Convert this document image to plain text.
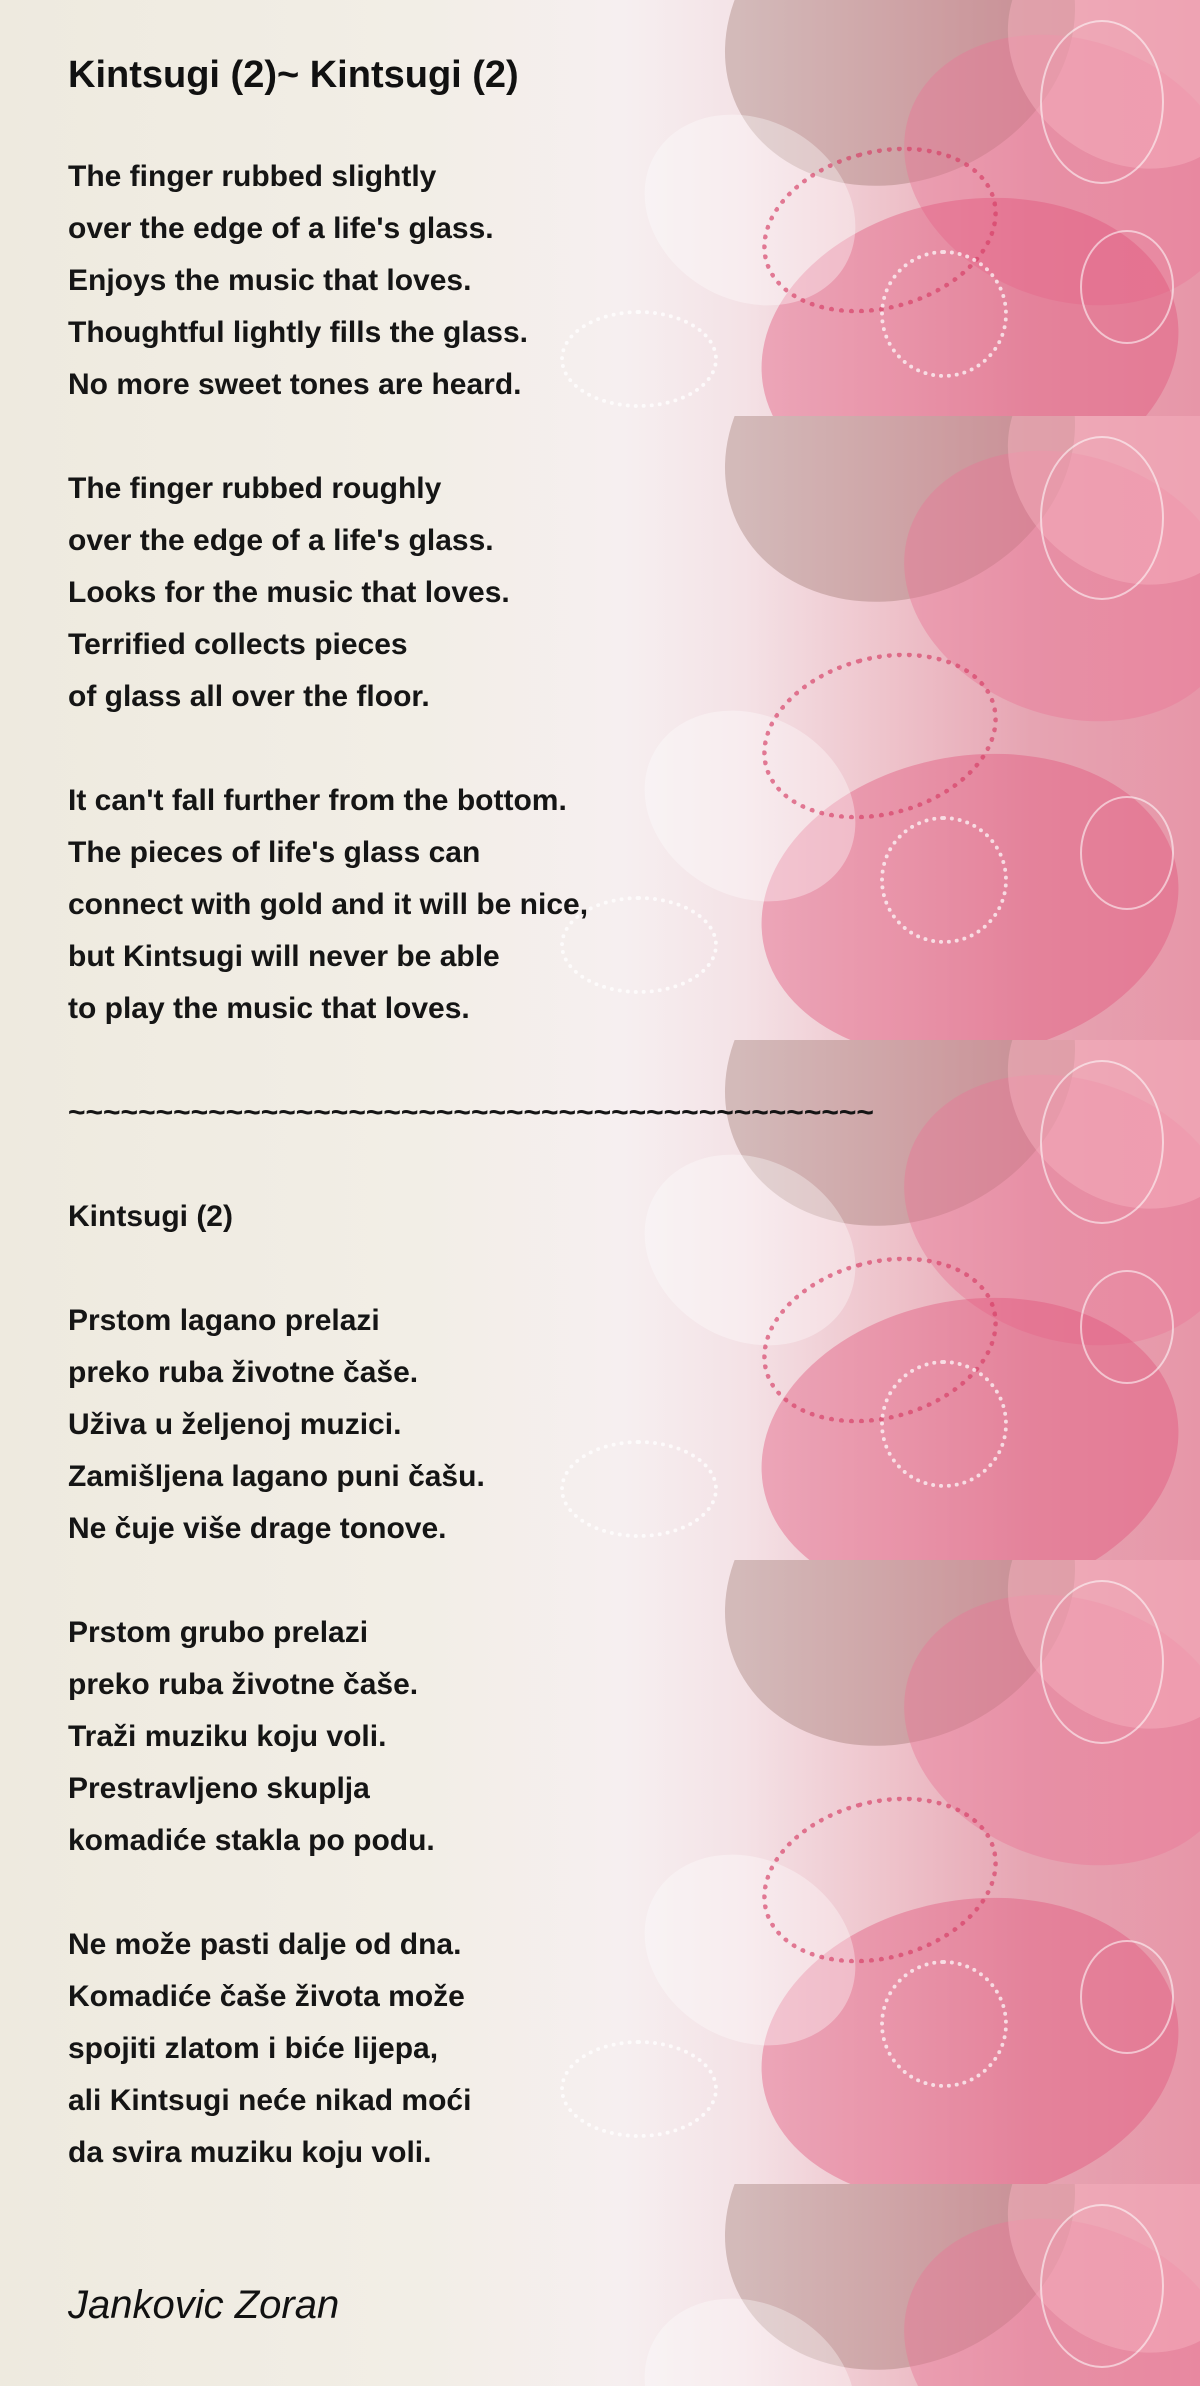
Kintsugi (2)~ Kintsugi (2)
The finger rubbed slightly
over the edge of a life's glass.
Enjoys the music that loves.
Thoughtful lightly fills the glass.
No more sweet tones are heard.
The finger rubbed roughly
over the edge of a life's glass.
Looks for the music that loves.
Terrified collects pieces
of glass all over the floor.
It can't fall further from the bottom.
The pieces of life's glass can
connect with gold and it will be nice,
but Kintsugi will never be able
to play the music that loves.
~~~~~~~~~~~~~~~~~~~~~~~~~~~~~~~~~~~~~~~~~~~~~~
Kintsugi (2)
Prstom lagano prelazi
preko ruba životne čaše.
Uživa u željenoj muzici.
Zamišljena lagano puni čašu.
Ne čuje više drage tonove.
Prstom grubo prelazi
preko ruba životne čaše.
Traži muziku koju voli.
Prestravljeno skuplja
komadiće stakla po podu.
Ne može pasti dalje od dna.
Komadiće čaše života može
spojiti zlatom i biće lijepa,
ali Kintsugi neće nikad moći
da svira muziku koju voli.
Jankovic Zoran
